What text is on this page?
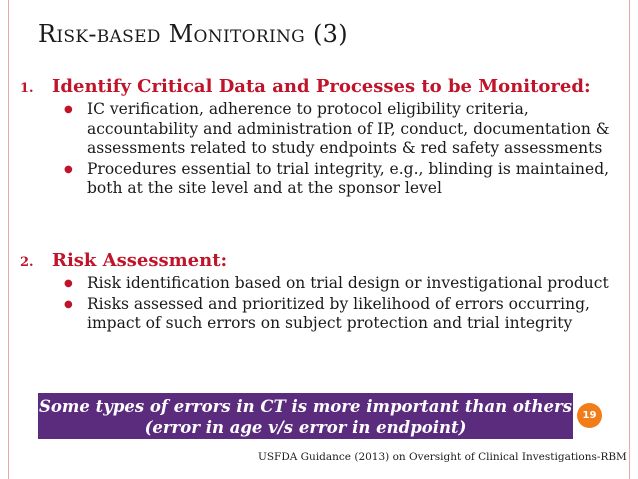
RISK-BASED MONITORING (3)
1.	Identify Critical Data and Processes to be Monitored:
● IC verification, adherence to protocol eligibility criteria, accountability and administration of IP, conduct, documentation & assessments related to study endpoints & red safety assessments
● Procedures essential to trial integrity, e.g., blinding is maintained, both at the site level and at the sponsor level
2.	Risk Assessment:
● Risk identification based on trial design or investigational product
● Risks assessed and prioritized by likelihood of errors occurring, impact of such errors on subject protection and trial integrity
Some types of errors in CT is more important than others
(error in age v/s error in endpoint)
19
USFDA Guidance (2013) on Oversight of Clinical Investigations-RBM
